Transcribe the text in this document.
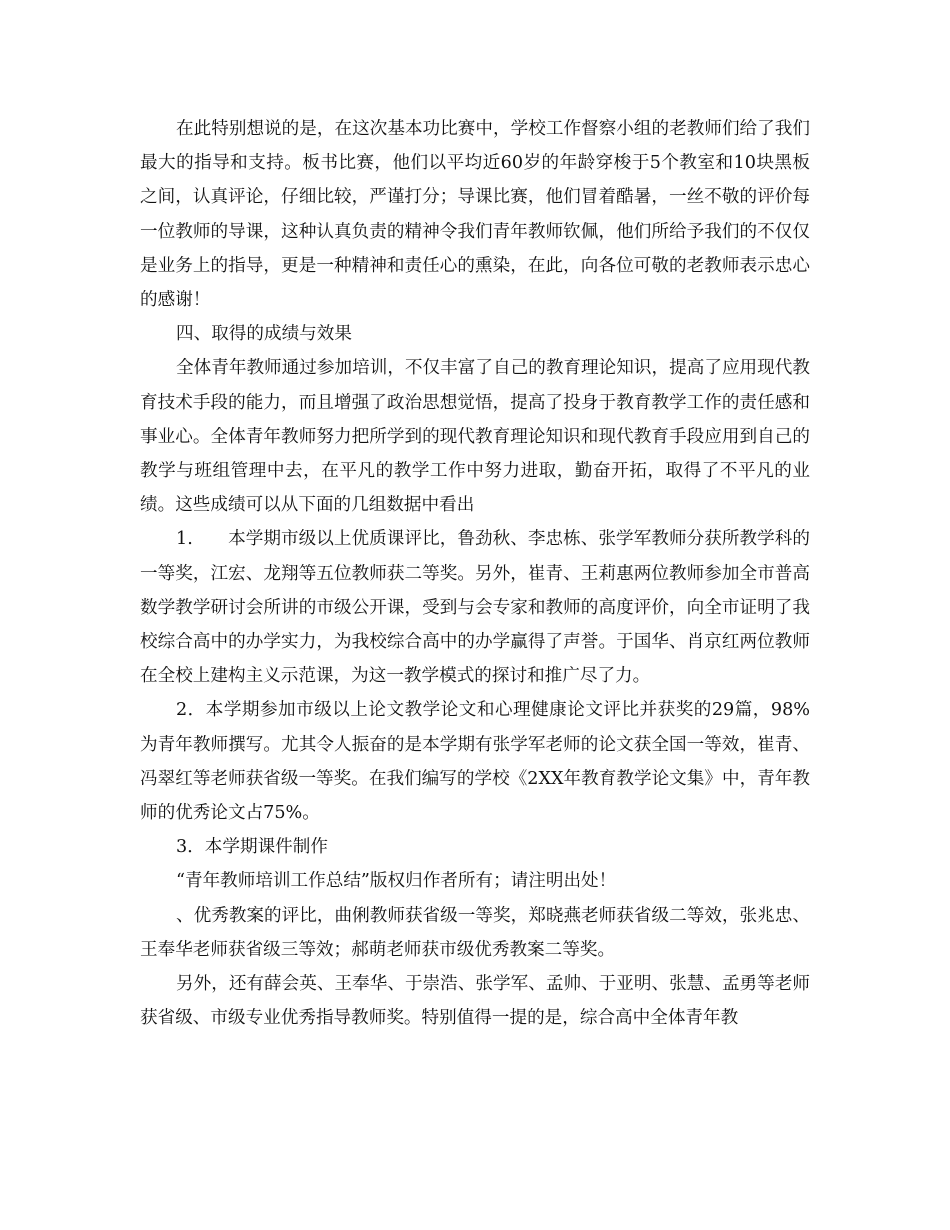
在此特别想说的是，在这次基本功比赛中，学校工作督察小组的老教师们给了我们最大的指导和支持。板书比赛，他们以平均近60岁的年龄穿梭于5个教室和10块黑板之间，认真评论，仔细比较，严谨打分；导课比赛，他们冒着酷暑，一丝不敬的评价每一位教师的导课，这种认真负责的精神令我们青年教师钦佩，他们所给予我们的不仅仅是业务上的指导，更是一种精神和责任心的熏染，在此，向各位可敬的老教师表示忠心的感谢！

四、取得的成绩与效果

全体青年教师通过参加培训，不仅丰富了自己的教育理论知识，提高了应用现代教育技术手段的能力，而且增强了政治思想觉悟，提高了投身于教育教学工作的责任感和事业心。全体青年教师努力把所学到的现代教育理论知识和现代教育手段应用到自己的教学与班组管理中去，在平凡的教学工作中努力进取，勤奋开拓，取得了不平凡的业绩。这些成绩可以从下面的几组数据中看出

1.　　本学期市级以上优质课评比，鲁劲秋、李忠栋、张学军教师分获所教学科的一等奖，江宏、龙翔等五位教师获二等奖。另外，崔青、王莉惠两位教师参加全市普高数学教学研讨会所讲的市级公开课，受到与会专家和教师的高度评价，向全市证明了我校综合高中的办学实力，为我校综合高中的办学赢得了声誉。于国华、肖京红两位教师在全校上建构主义示范课，为这一教学模式的探讨和推广尽了力。

2．本学期参加市级以上论文教学论文和心理健康论文评比并获奖的29篇，98%为青年教师撰写。尤其令人振奋的是本学期有张学军老师的论文获全国一等效，崔青、冯翠红等老师获省级一等奖。在我们编写的学校《2XX年教育教学论文集》中，青年教师的优秀论文占75%。

3．本学期课件制作

“青年教师培训工作总结”版权归作者所有；请注明出处！

、优秀教案的评比，曲俐教师获省级一等奖，郑晓燕老师获省级二等效，张兆忠、王奉华老师获省级三等效；郝萌老师获市级优秀教案二等奖。

另外，还有薛会英、王奉华、于崇浩、张学军、孟帅、于亚明、张慧、孟勇等老师获省级、市级专业优秀指导教师奖。特别值得一提的是，综合高中全体青年教
